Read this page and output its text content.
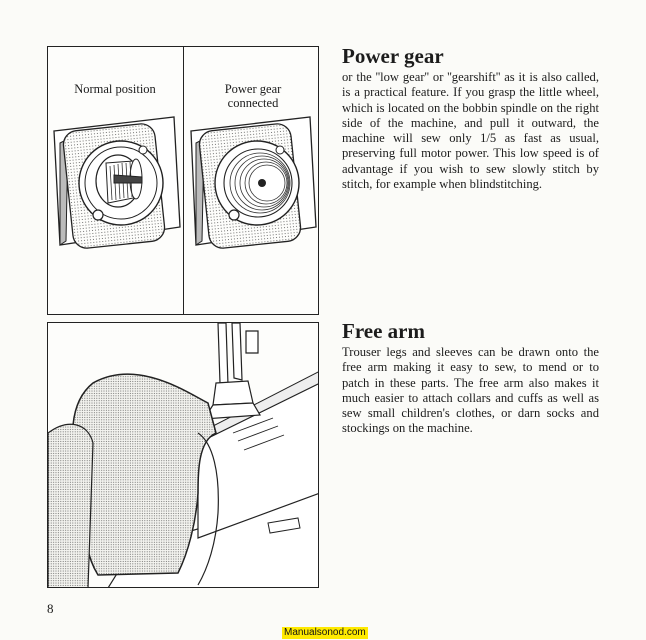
Normal position	Power gear connected
Power gear

or the ''low gear'' or ''gearshift'' as it is also called, is a practical feature. If you grasp the little wheel, which is located on the bobbin spindle on the right side of the machine, and pull it outward, the machine will sew only 1/5 as fast as usual, preserving full motor power. This low speed is of advantage if you wish to sew slowly stitch by stitch, for example when blindstitching.

Free arm

Trouser legs and sleeves can be drawn onto the free arm making it easy to sew, to mend or to patch in these parts. The free arm also makes it much easier to attach collars and cuffs as well as sew small children's clothes, or darn socks and stockings on the machine.

8
Manualsonod.com
